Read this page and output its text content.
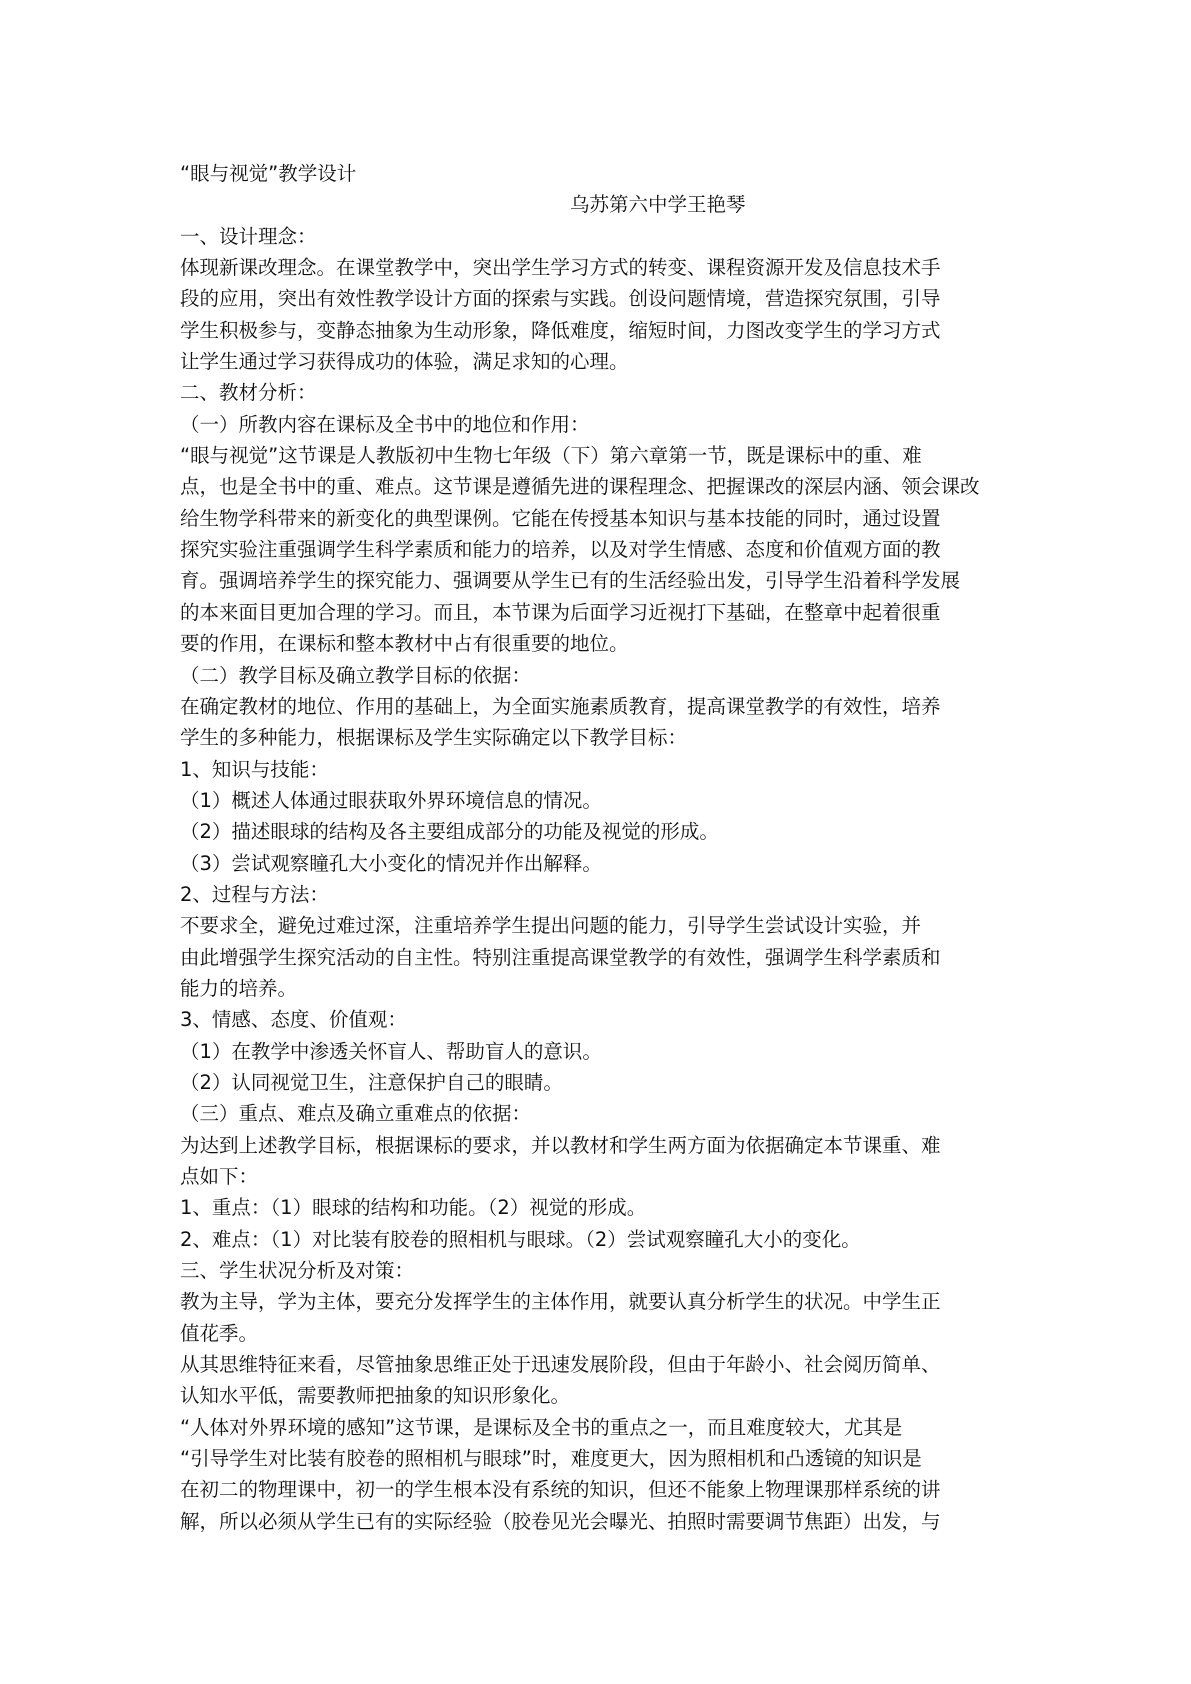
“眼与视觉”教学设计
乌苏第六中学王艳琴
一、设计理念：
体现新课改理念。在课堂教学中，突出学生学习方式的转变、课程资源开发及信息技术手
段的应用，突出有效性教学设计方面的探索与实践。创设问题情境，营造探究氛围，引导
学生积极参与，变静态抽象为生动形象，降低难度，缩短时间，力图改变学生的学习方式
让学生通过学习获得成功的体验，满足求知的心理。
二、教材分析：
（一）所教内容在课标及全书中的地位和作用：
“眼与视觉”这节课是人教版初中生物七年级（下）第六章第一节，既是课标中的重、难
点，也是全书中的重、难点。这节课是遵循先进的课程理念、把握课改的深层内涵、领会课改
给生物学科带来的新变化的典型课例。它能在传授基本知识与基本技能的同时，通过设置
探究实验注重强调学生科学素质和能力的培养，以及对学生情感、态度和价值观方面的教
育。强调培养学生的探究能力、强调要从学生已有的生活经验出发，引导学生沿着科学发展
的本来面目更加合理的学习。而且，本节课为后面学习近视打下基础，在整章中起着很重
要的作用，在课标和整本教材中占有很重要的地位。
（二）教学目标及确立教学目标的依据：
在确定教材的地位、作用的基础上，为全面实施素质教育，提高课堂教学的有效性，培养
学生的多种能力，根据课标及学生实际确定以下教学目标：
1、知识与技能：
（1）概述人体通过眼获取外界环境信息的情况。
（2）描述眼球的结构及各主要组成部分的功能及视觉的形成。
（3）尝试观察瞳孔大小变化的情况并作出解释。
2、过程与方法：
不要求全，避免过难过深，注重培养学生提出问题的能力，引导学生尝试设计实验，并
由此增强学生探究活动的自主性。特别注重提高课堂教学的有效性，强调学生科学素质和
能力的培养。
3、情感、态度、价值观：
（1）在教学中渗透关怀盲人、帮助盲人的意识。
（2）认同视觉卫生，注意保护自己的眼睛。
（三）重点、难点及确立重难点的依据：
为达到上述教学目标，根据课标的要求，并以教材和学生两方面为依据确定本节课重、难
点如下：
1、重点：（1）眼球的结构和功能。（2）视觉的形成。
2、难点：（1）对比装有胶卷的照相机与眼球。（2）尝试观察瞳孔大小的变化。
三、学生状况分析及对策：
教为主导，学为主体，要充分发挥学生的主体作用，就要认真分析学生的状况。中学生正
值花季。
从其思维特征来看，尽管抽象思维正处于迅速发展阶段，但由于年龄小、社会阅历简单、
认知水平低，需要教师把抽象的知识形象化。
“人体对外界环境的感知”这节课，是课标及全书的重点之一，而且难度较大，尤其是
“引导学生对比装有胶卷的照相机与眼球”时，难度更大，因为照相机和凸透镜的知识是
在初二的物理课中，初一的学生根本没有系统的知识，但还不能象上物理课那样系统的讲
解，所以必须从学生已有的实际经验（胶卷见光会曝光、拍照时需要调节焦距）出发，与
